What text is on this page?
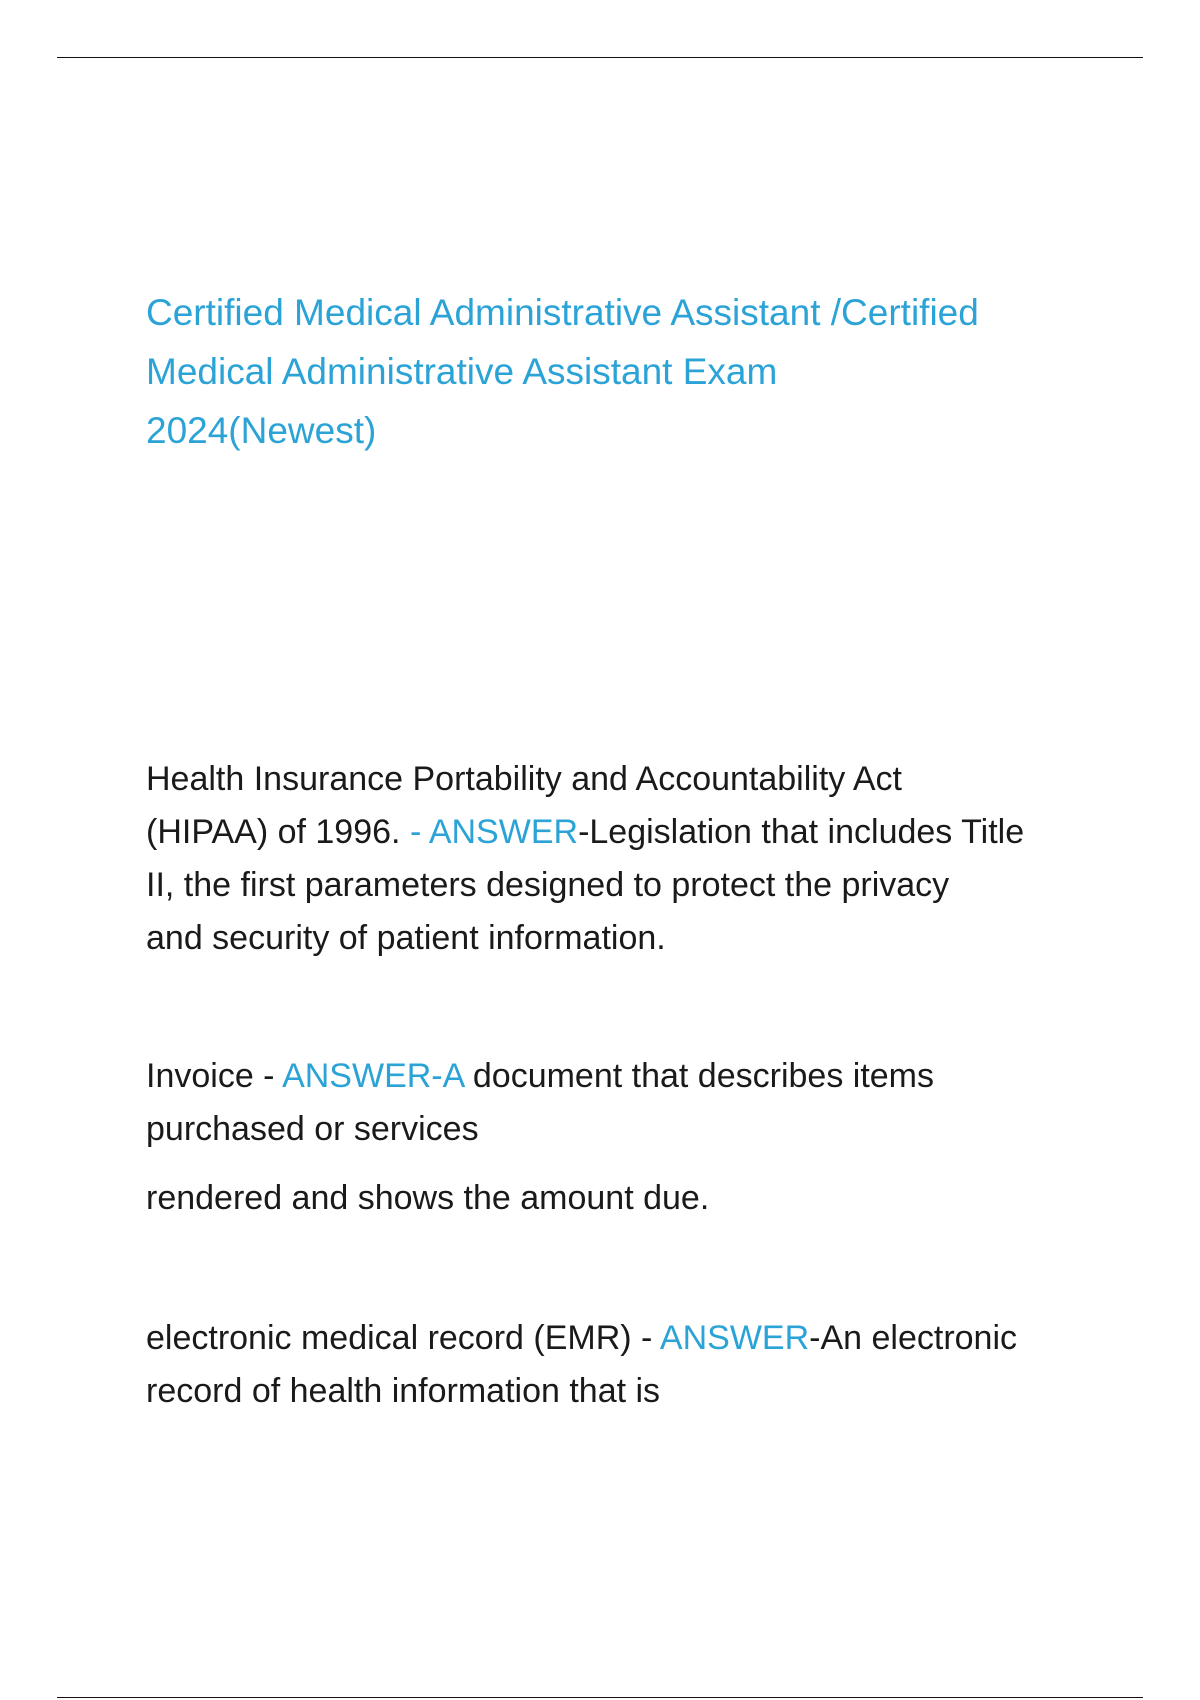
Certified Medical Administrative Assistant /Certified
Medical Administrative Assistant Exam
2024(Newest)

Health Insurance Portability and Accountability Act
(HIPAA) of 1996. - ANSWER-Legislation that includes Title
II, the first parameters designed to protect the privacy
and security of patient information.

Invoice - ANSWER-A document that describes items
purchased or services

rendered and shows the amount due.

electronic medical record (EMR) - ANSWER-An electronic
record of health information that is
